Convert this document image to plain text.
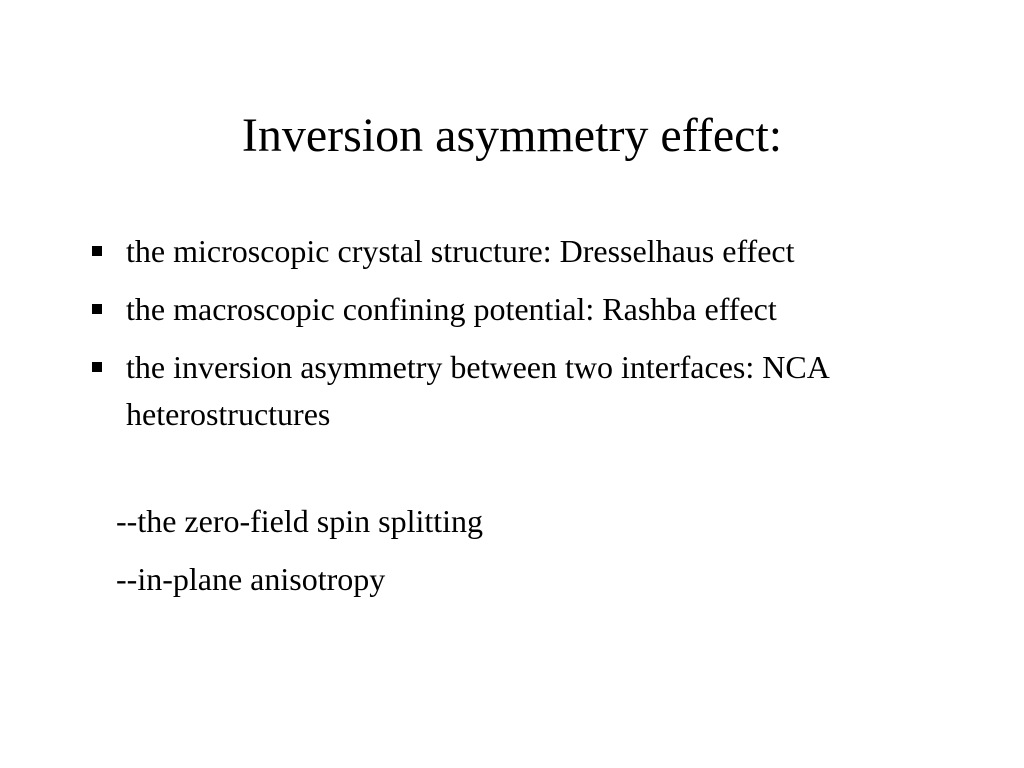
Inversion asymmetry effect:
the microscopic crystal structure: Dresselhaus effect
the macroscopic confining potential: Rashba effect
the inversion asymmetry between two interfaces: NCA heterostructures

--the zero-field spin splitting

--in-plane anisotropy
